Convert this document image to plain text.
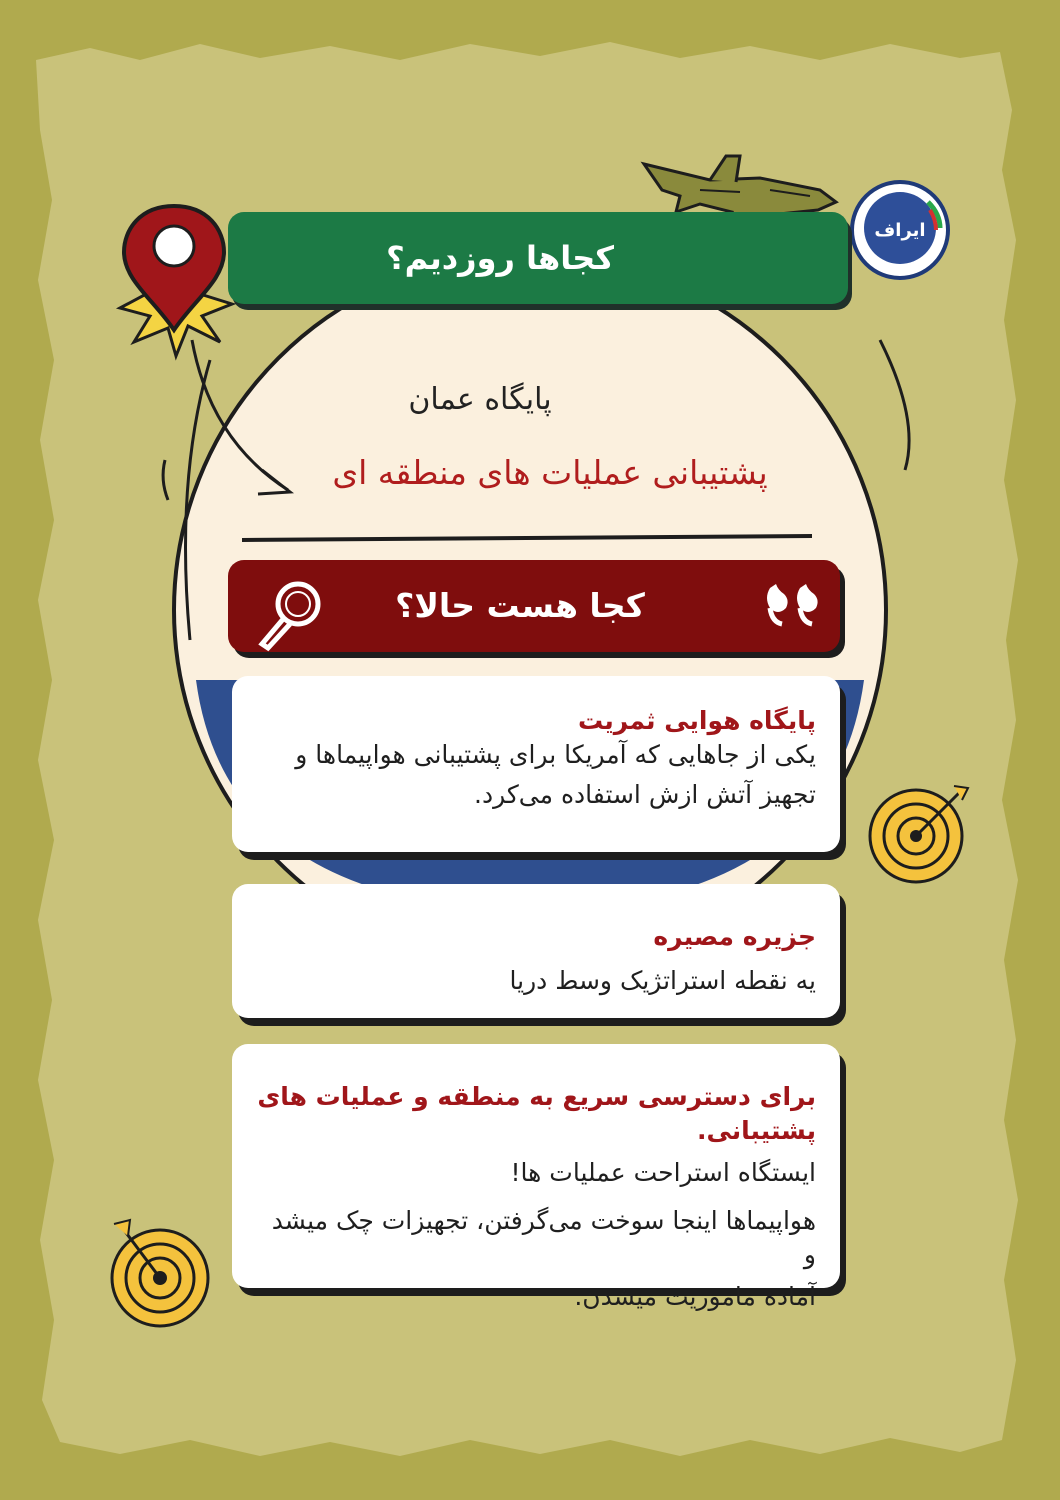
ایراف
کجاها روزدیم؟
پایگاه عمان
پشتیبانی عملیات های منطقه ای
کجا هست حالا؟
پایگاه هوایی ثمریت
یکی از جاهایی که آمریکا برای پشتیبانی هواپیماها و
تجهیز آتش ازش استفاده می‌کرد.
جزیره مصیره
یه نقطه استراتژیک وسط دریا
برای دسترسی سریع به منطقه و عملیات های پشتیبانی.
ایستگاه استراحت عملیات ها!
هواپیماها اینجا سوخت می‌گرفتن، تجهیزات چک میشد و
آماده ماموریت میشدن.
